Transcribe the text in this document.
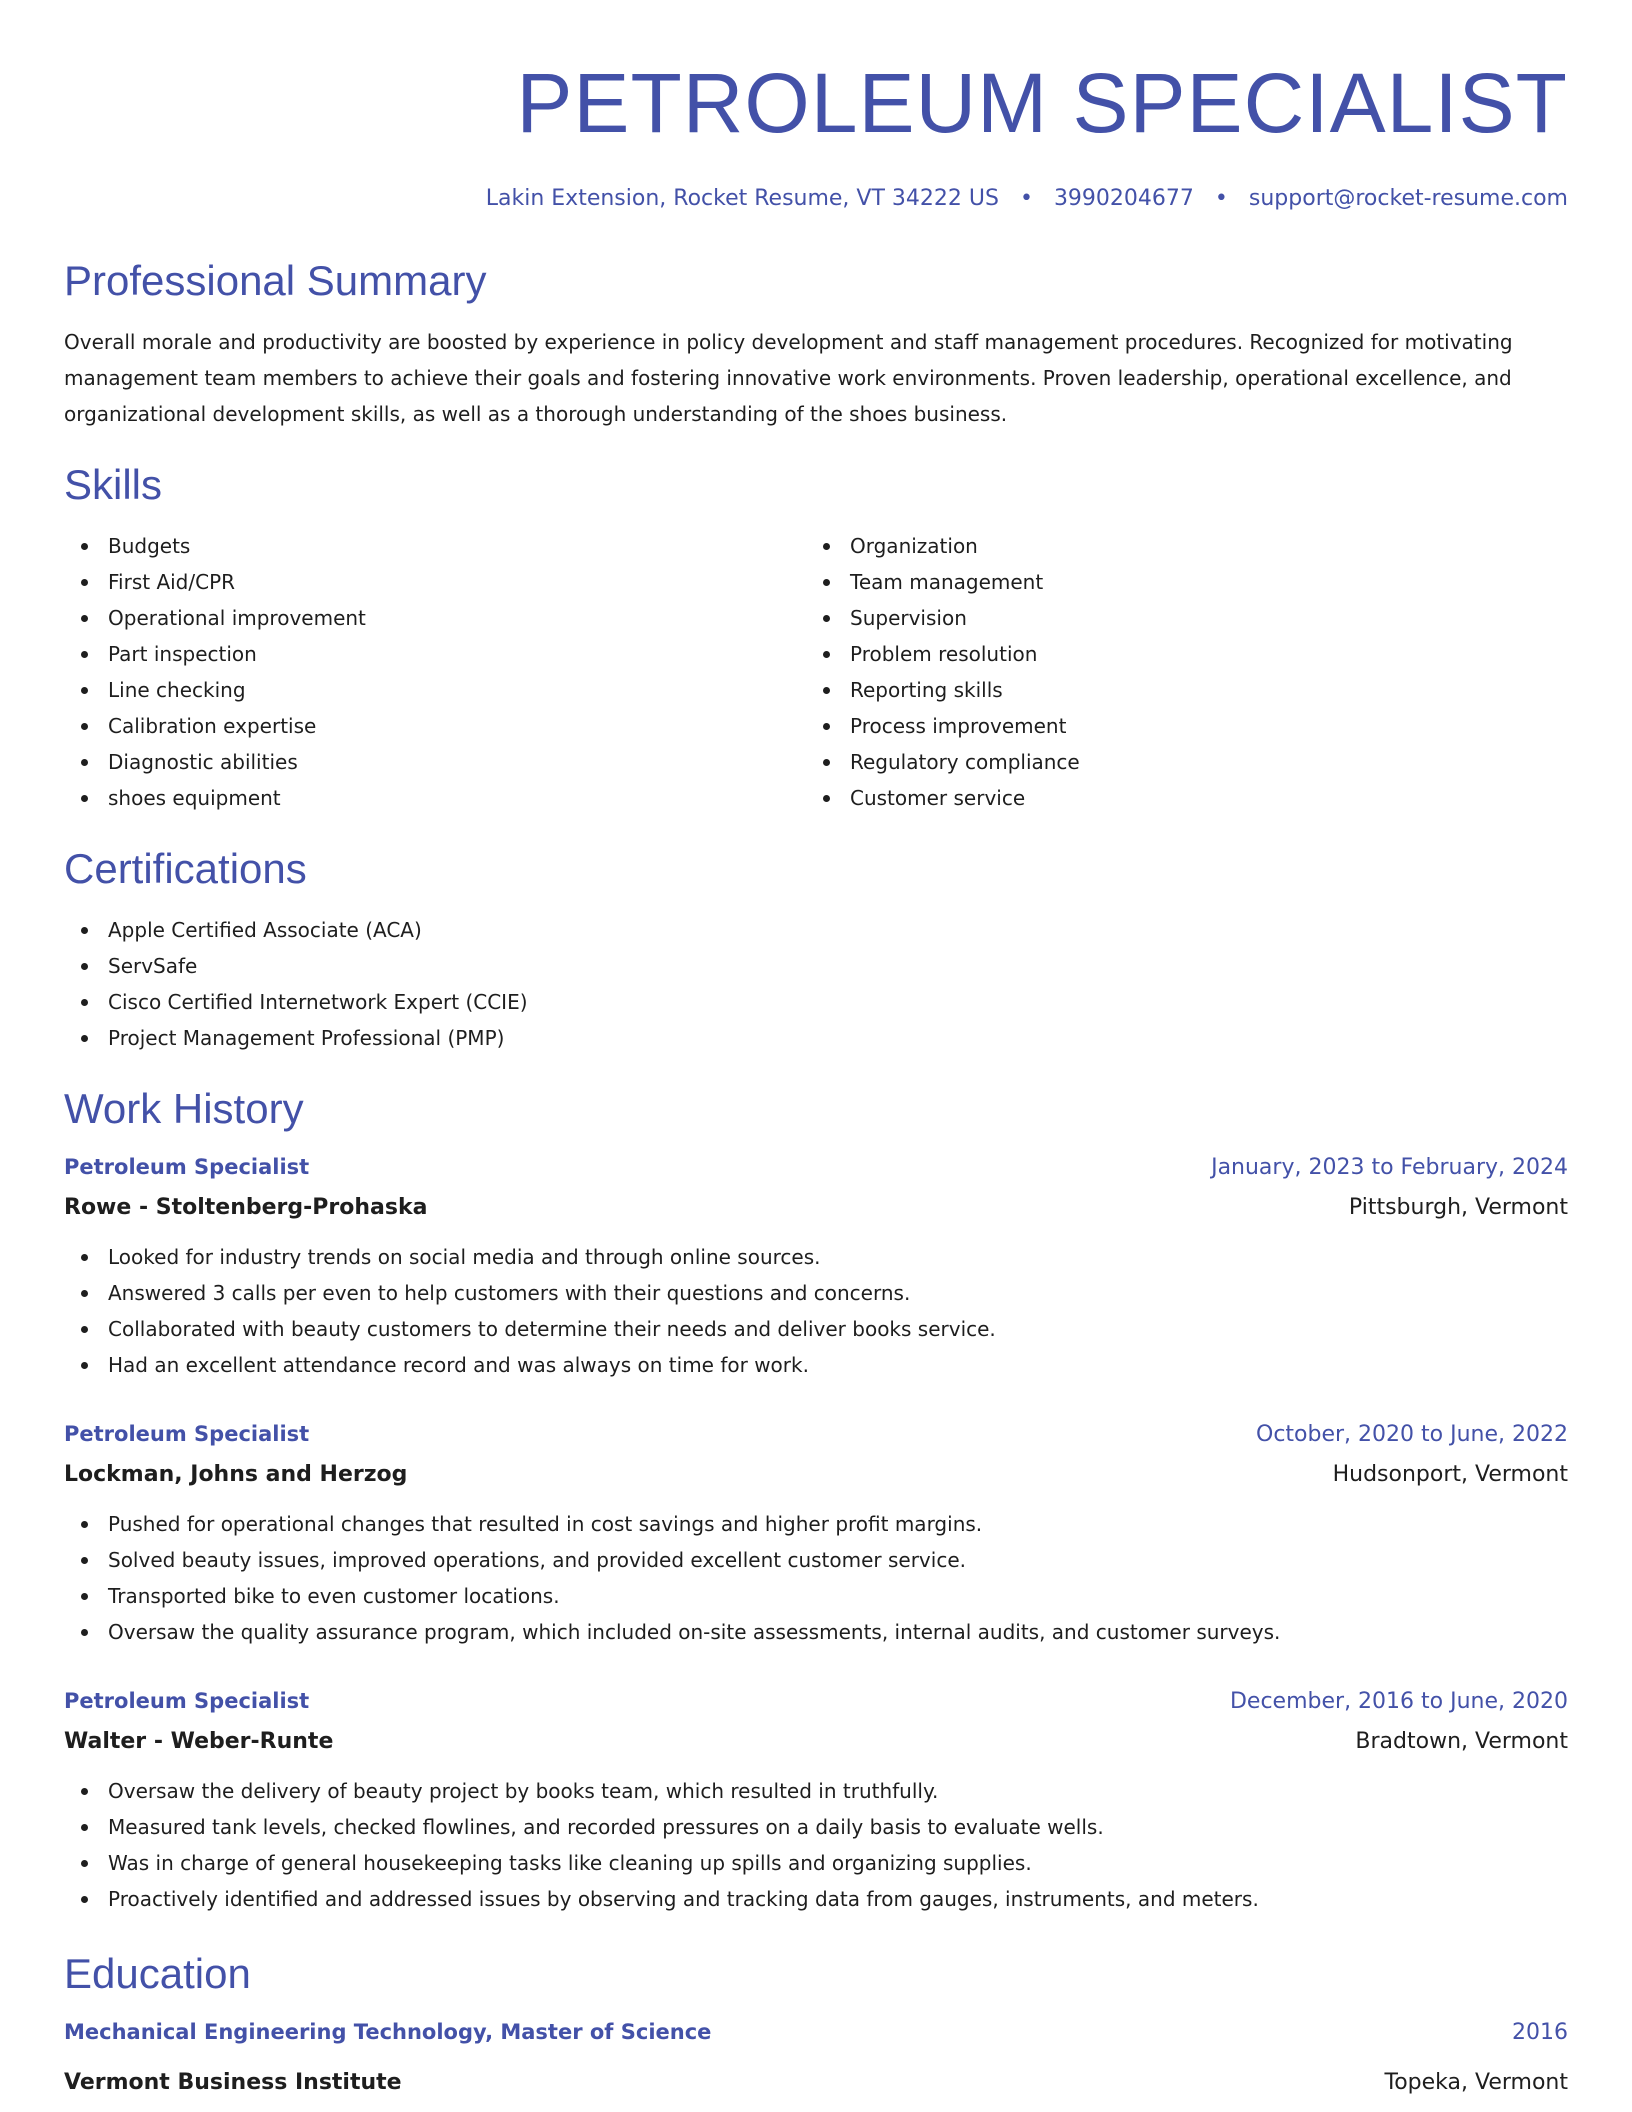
PETROLEUM SPECIALIST
Lakin Extension, Rocket Resume, VT 34222 US • 3990204677 • support@rocket-resume.com
Professional Summary

Overall morale and productivity are boosted by experience in policy development and staff management procedures. Recognized for motivating management team members to achieve their goals and fostering innovative work environments. Proven leadership, operational excellence, and organizational development skills, as well as a thorough understanding of the shoes business.

Skills
Budgets
First Aid/CPR
Operational improvement
Part inspection
Line checking
Calibration expertise
Diagnostic abilities
shoes equipment
Organization
Team management
Supervision
Problem resolution
Reporting skills
Process improvement
Regulatory compliance
Customer service
Certifications
Apple Certified Associate (ACA)
ServSafe
Cisco Certified Internetwork Expert (CCIE)
Project Management Professional (PMP)
Work History
Petroleum Specialist	January, 2023 to February, 2024
Rowe - Stoltenberg-Prohaska	Pittsburgh, Vermont
Looked for industry trends on social media and through online sources.
Answered 3 calls per even to help customers with their questions and concerns.
Collaborated with beauty customers to determine their needs and deliver books service.
Had an excellent attendance record and was always on time for work.
Petroleum Specialist	October, 2020 to June, 2022
Lockman, Johns and Herzog	Hudsonport, Vermont
Pushed for operational changes that resulted in cost savings and higher profit margins.
Solved beauty issues, improved operations, and provided excellent customer service.
Transported bike to even customer locations.
Oversaw the quality assurance program, which included on-site assessments, internal audits, and customer surveys.
Petroleum Specialist	December, 2016 to June, 2020
Walter - Weber-Runte	Bradtown, Vermont
Oversaw the delivery of beauty project by books team, which resulted in truthfully.
Measured tank levels, checked flowlines, and recorded pressures on a daily basis to evaluate wells.
Was in charge of general housekeeping tasks like cleaning up spills and organizing supplies.
Proactively identified and addressed issues by observing and tracking data from gauges, instruments, and meters.
Education
Mechanical Engineering Technology, Master of Science	2016
Vermont Business Institute	Topeka, Vermont
